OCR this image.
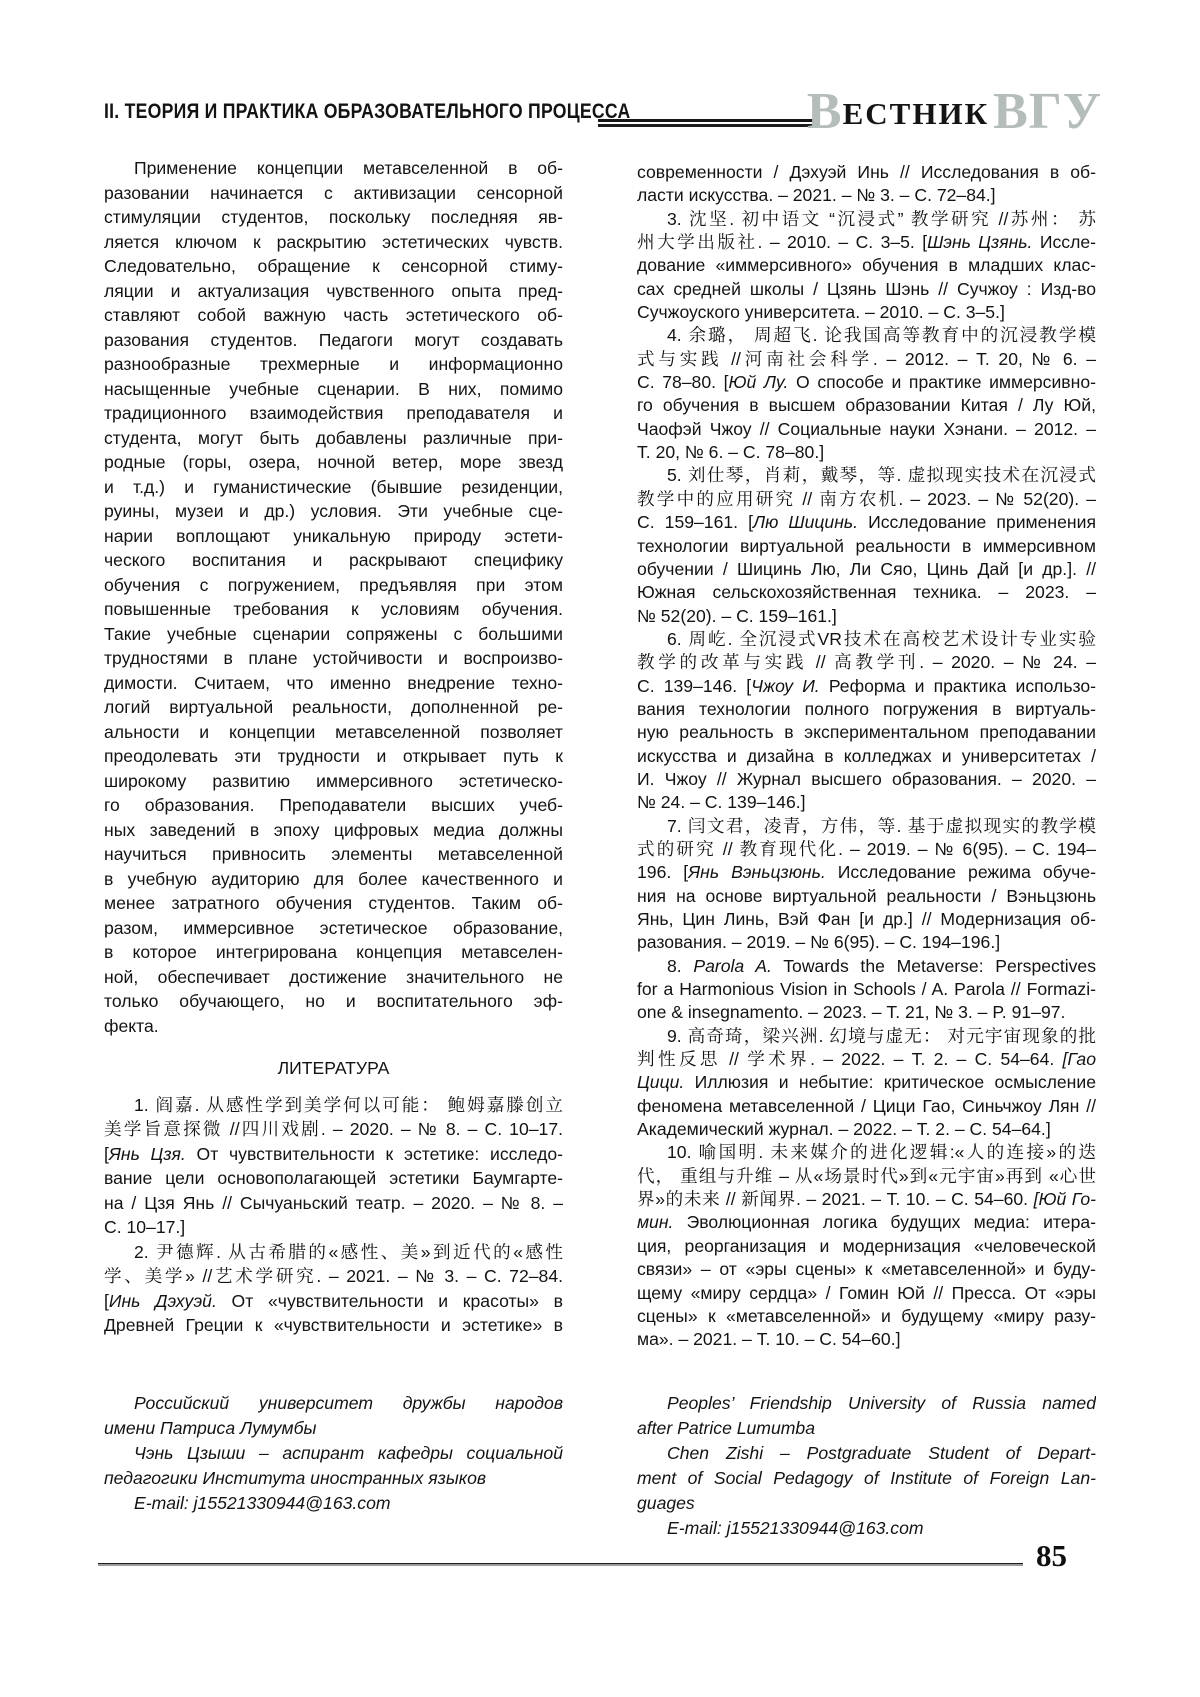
II. ТЕОРИЯ И ПРАКТИКА ОБРАЗОВАТЕЛЬНОГО ПРОЦЕССА	ВЕСТНИК ВГУ
Применение концепции метавселенной в об-
разовании начинается с активизации сенсорной
стимуляции студентов, поскольку последняя яв-
ляется ключом к раскрытию эстетических чувств.
Следовательно, обращение к сенсорной стиму-
ляции и актуализация чувственного опыта пред-
ставляют собой важную часть эстетического об-
разования студентов. Педагоги могут создавать
разнообразные трехмерные и информационно
насыщенные учебные сценарии. В них, помимо
традиционного взаимодействия преподавателя и
студента, могут быть добавлены различные при-
родные (горы, озера, ночной ветер, море звезд
и т.д.) и гуманистические (бывшие резиденции,
руины, музеи и др.) условия. Эти учебные сце-
нарии воплощают уникальную природу эстети-
ческого воспитания и раскрывают специфику
обучения с погружением, предъявляя при этом
повышенные требования к условиям обучения.
Такие учебные сценарии сопряжены с большими
трудностями в плане устойчивости и воспроизво-
димости. Считаем, что именно внедрение техно-
логий виртуальной реальности, дополненной ре-
альности и концепции метавселенной позволяет
преодолевать эти трудности и открывает путь к
широкому развитию иммерсивного эстетическо-
го образования. Преподаватели высших учеб-
ных заведений в эпоху цифровых медиа должны
научиться привносить элементы метавселенной
в учебную аудиторию для более качественного и
менее затратного обучения студентов. Таким об-
разом, иммерсивное эстетическое образование,
в которое интегрирована концепция метавселен-
ной, обеспечивает достижение значительного не
только обучающего, но и воспитательного эф-
фекта.
ЛИТЕРАТУРА
1. 阎嘉. 从感性学到美学何以可能： 鲍姆嘉滕创立
美学旨意探微 //四川戏剧. – 2020. – № 8. – С. 10–17.
[Янь Цзя. От чувствительности к эстетике: исследо-
вание цели основополагающей эстетики Баумгарте-
на / Цзя Янь // Сычуаньский театр. – 2020. – № 8. –
С. 10–17.]
2. 尹德辉. 从古希腊的«感性、美»到近代的«感性
学、美学» //艺术学研究. – 2021. – № 3. – С. 72–84.
[Инь Дэхуэй. От «чувствительности и красоты» в
Древней Греции к «чувствительности и эстетике» в
современности / Дэхуэй Инь // Исследования в об-
ласти искусства. – 2021. – № 3. – С. 72–84.]
3. 沈坚. 初中语文 “沉浸式” 教学研究 //苏州： 苏
州大学出版社. – 2010. – С. 3–5. [Шэнь Цзянь. Иссле-
дование «иммерсивного» обучения в младших клас-
сах средней школы / Цзянь Шэнь // Сучжоу : Изд-во
Сучжоуского университета. – 2010. – С. 3–5.]
4. 余璐， 周超飞. 论我国高等教育中的沉浸教学模
式与实践 //河南社会科学. – 2012. – Т. 20, № 6. –
С. 78–80. [Юй Лу. О способе и практике иммерсивно-
го обучения в высшем образовании Китая / Лу Юй,
Чаофэй Чжоу // Социальные науки Хэнани. – 2012. –
Т. 20, № 6. – С. 78–80.]
5. 刘仕琴，肖莉，戴琴，等. 虚拟现实技术在沉浸式
教学中的应用研究 // 南方农机. – 2023. – № 52(20). –
С. 159–161. [Лю Шицинь. Исследование применения
технологии виртуальной реальности в иммерсивном
обучении / Шицинь Лю, Ли Сяо, Цинь Дай [и др.]. //
Южная сельскохозяйственная техника. – 2023. –
№ 52(20). – С. 159–161.]
6. 周屹. 全沉浸式VR技术在高校艺术设计专业实验
教学的改革与实践 // 高教学刊. – 2020. – № 24. –
С. 139–146. [Чжоу И. Реформа и практика использо-
вания технологии полного погружения в виртуаль-
ную реальность в экспериментальном преподавании
искусства и дизайна в колледжах и университетах /
И. Чжоу // Журнал высшего образования. – 2020. –
№ 24. – С. 139–146.]
7. 闫文君，凌青，方伟，等. 基于虚拟现实的教学模
式的研究 // 教育现代化. – 2019. – № 6(95). – С. 194–
196. [Янь Вэньцзюнь. Исследование режима обуче-
ния на основе виртуальной реальности / Вэньцзюнь
Янь, Цин Линь, Вэй Фан [и др.] // Модернизация об-
разования. – 2019. – № 6(95). – С. 194–196.]
8. Parola A. Towards the Metaverse: Perspectives
for a Harmonious Vision in Schools / A. Parola // Formazi-
one & insegnamento. – 2023. – Т. 21, № 3. – P. 91–97.
9. 高奇琦，梁兴洲. 幻境与虚无： 对元宇宙现象的批
判性反思 // 学术界. – 2022. – Т. 2. – С. 54–64. [Гао
Цици. Иллюзия и небытие: критическое осмысление
феномена метавселенной / Цици Гао, Синьчжоу Лян //
Академический журнал. – 2022. – Т. 2. – С. 54–64.]
10. 喻国明. 未来媒介的进化逻辑:«人的连接»的迭
代， 重组与升维 – 从«场景时代»到«元宇宙»再到 «心世
界»的未来 // 新闻界. – 2021. – Т. 10. – С. 54–60. [Юй Го-
мин. Эволюционная логика будущих медиа: итера-
ция, реорганизация и модернизация «человеческой
связи» – от «эры сцены» к «метавселенной» и буду-
щему «миру сердца» / Гомин Юй // Пресса. От «эры
сцены» к «метавселенной» и будущему «миру разу-
ма». – 2021. – Т. 10. – С. 54–60.]
Российский университет дружбы народов
имени Патриса Лумумбы
Чэнь Цзыши – аспирант кафедры социальной
педагогики Института иностранных языков
E-mail: j15521330944@163.com
Peoples’ Friendship University of Russia named
after Patrice Lumumba
Chen Zishi – Postgraduate Student of Depart-
ment of Social Pedagogy of Institute of Foreign Lan-
guages
E-mail: j15521330944@163.com
85
